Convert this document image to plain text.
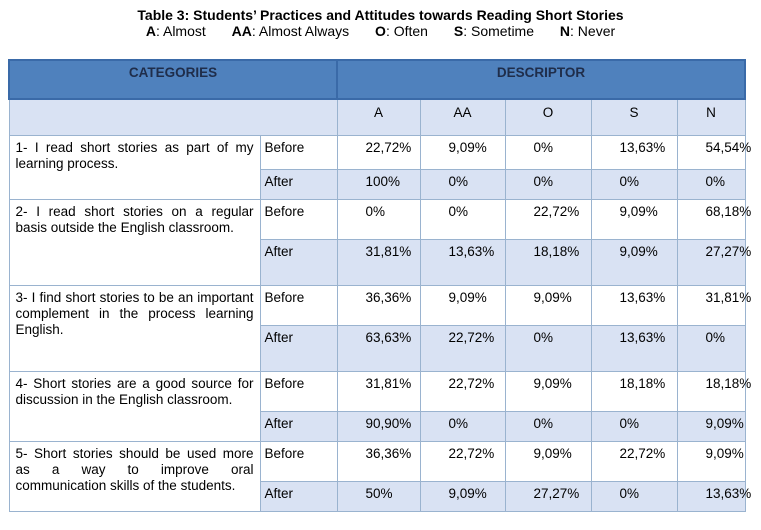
Table 3: Students’ Practices and Attitudes towards Reading Short Stories
A: Almost AA: Almost Always O: Often S: Sometime N: Never
CATEGORIES		DESCRIPTOR				
		A	AA	O	S	N
1- I read short stories as part of my learning process.	Before	22,72%	9,09%	0%	13,63%	54,54%
	After	100%	0%	0%	0%	0%
2- I read short stories on a regular basis outside the English classroom.	Before	0%	0%	22,72%	9,09%	68,18%
	After	31,81%	13,63%	18,18%	9,09%	27,27%
3- I find short stories to be an important complement in the process learning English.	Before	36,36%	9,09%	9,09%	13,63%	31,81%
	After	63,63%	22,72%	0%	13,63%	0%
4- Short stories are a good source for discussion in the English classroom.	Before	31,81%	22,72%	9,09%	18,18%	18,18%
	After	90,90%	0%	0%	0%	9,09%
5- Short stories should be used more as a way to improve oral communication skills of the students.	Before	36,36%	22,72%	9,09%	22,72%	9,09%
	After	50%	9,09%	27,27%	0%	13,63%
